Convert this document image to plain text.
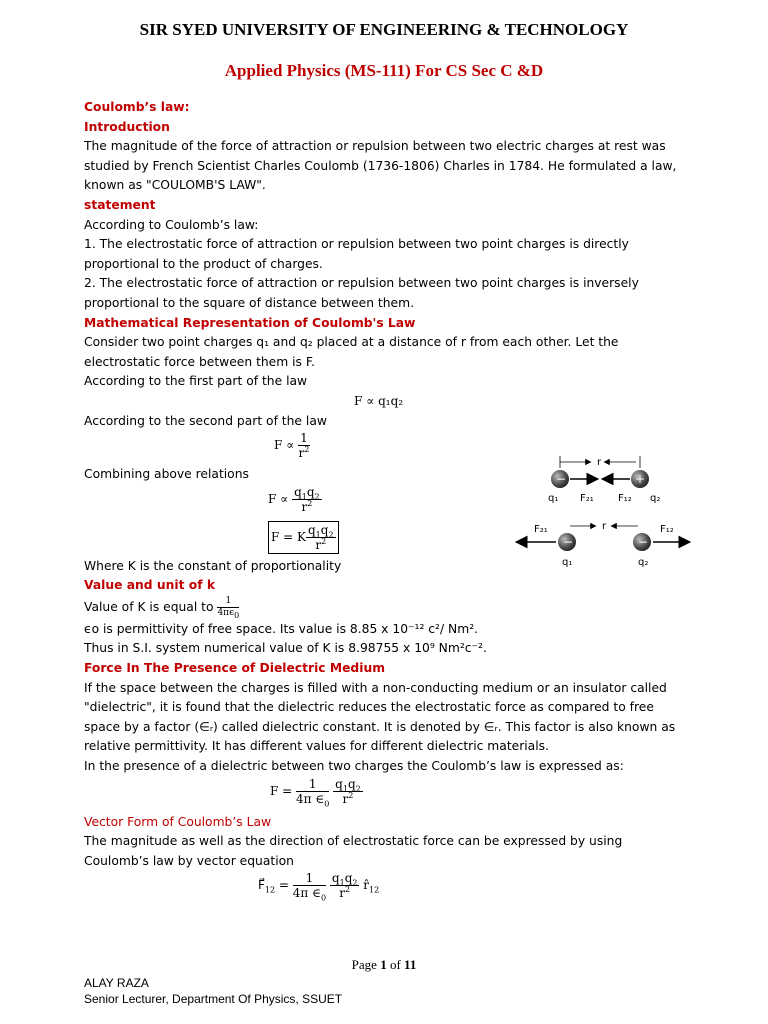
SIR SYED UNIVERSITY OF ENGINEERING & TECHNOLOGY
Applied Physics (MS-111) For CS Sec C &D

Coulomb’s law:

Introduction

The magnitude of the force of attraction or repulsion between two electric charges at rest was studied by French Scientist Charles Coulomb (1736-1806) Charles in 1784. He formulated a law, known as "COULOMB'S LAW".

statement

According to Coulomb’s law:

1. The electrostatic force of attraction or repulsion between two point charges is directly proportional to the product of charges.

2. The electrostatic force of attraction or repulsion between two point charges is inversely proportional to the square of distance between them.

Mathematical Representation of Coulomb's Law

Consider two point charges q₁ and q₂ placed at a distance of r from each other. Let the electrostatic force between them is F.

According to the first part of the law

F ∝ q₁q₂

According to the second part of the law

$F \propto \frac{1}{r^2}$

Combining above relations

$F \propto \frac{q_1q_2}{r^2}$

F = K $\frac{q_1q_2}{r^2}$

Where K is the constant of proportionality

Value and unit of k

Value of K is equal to $\frac{1}{4\pi\epsilon_0}$

ϵo is permittivity of free space. Its value is 8.85 x 10⁻¹² c²/ Nm².

Thus in S.I. system numerical value of K is 8.98755 x 10⁹ Nm²c⁻².

Force In The Presence of Dielectric Medium

If the space between the charges is filled with a non-conducting medium or an insulator called "dielectric", it is found that the dielectric reduces the electrostatic force as compared to free space by a factor (∈ᵣ) called dielectric constant. It is denoted by ∈ᵣ. This factor is also known as relative permittivity. It has different values for different dielectric materials.

In the presence of a dielectric between two charges the Coulomb’s law is expressed as:

$F = \frac{1}{4\pi \in_0}$
$\frac{q_1q_2}{r^2}$

Vector Form of Coulomb’s Law

The magnitude as well as the direction of electrostatic force can be expressed by using Coulomb’s law by vector equation

$F⃗_{12} = \frac{1}{4\pi \in_0}$
$\frac{q_1q_2}{r^2}$ $r̂_{12}$

r
−	+
q₁ F₂₁ F₁₂ q₂
F₂₁	F₁₂
r
−	−
q₁	q₂
Page 1 of 11
ALAY RAZA
Senior Lecturer, Department Of Physics, SSUET
